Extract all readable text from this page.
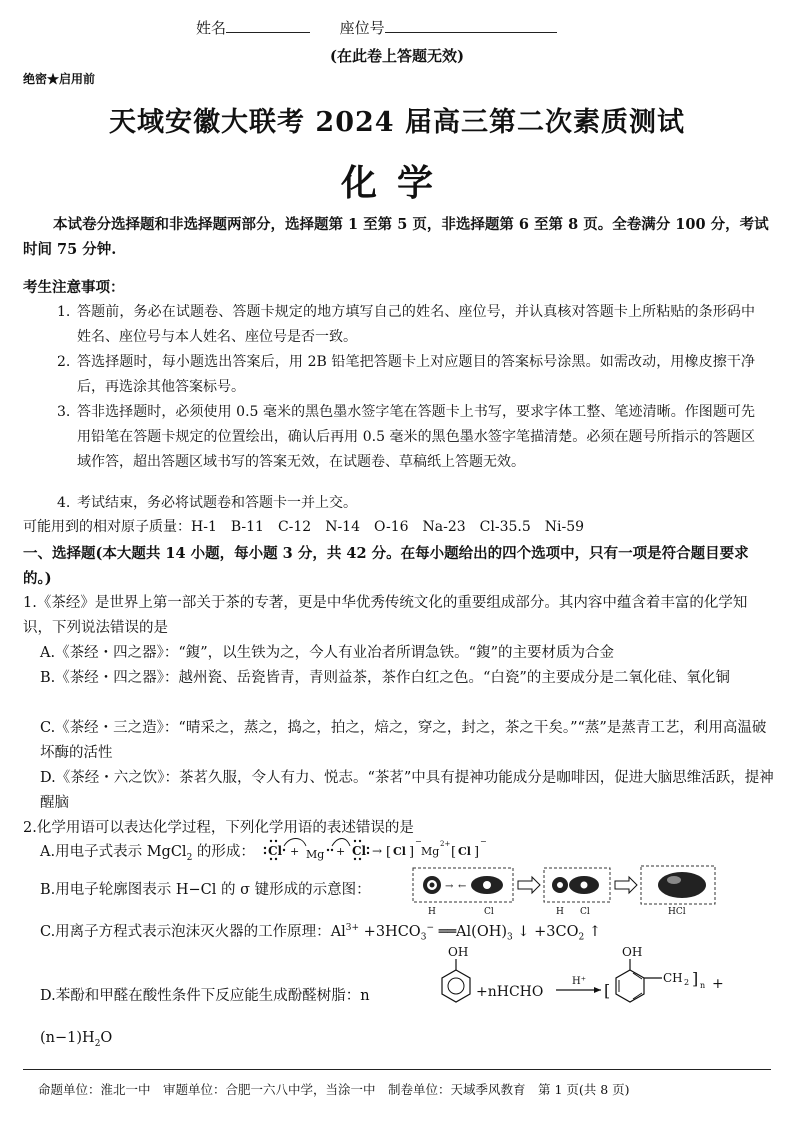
姓名	座位号
(在此卷上答题无效)
绝密★启用前
天域安徽大联考 2024 届高三第二次素质测试
化学
本试卷分选择题和非选择题两部分，选择题第 1 至第 5 页，非选择题第 6 至第 8 页。全卷满分 100 分，考试时间 75 分钟.
考生注意事项：
1. 答题前，务必在试题卷、答题卡规定的地方填写自己的姓名、座位号，并认真核对答题卡上所粘贴的条形码中姓名、座位号与本人姓名、座位号是否一致。
2. 答选择题时，每小题选出答案后，用 2B 铅笔把答题卡上对应题目的答案标号涂黑。如需改动，用橡皮擦干净后，再选涂其他答案标号。
3. 答非选择题时，必须使用 0.5 毫米的黑色墨水签字笔在答题卡上书写，要求字体工整、笔迹清晰。作图题可先用铅笔在答题卡规定的位置绘出，确认后再用 0.5 毫米的黑色墨水签字笔描清楚。必须在题号所指示的答题区域作答，超出答题区域书写的答案无效，在试题卷、草稿纸上答题无效。
4. 考试结束，务必将试题卷和答题卡一并上交。
可能用到的相对原子质量：H-1　B-11　C-12　N-14　O-16　Na-23　Cl-35.5　Ni-59
一、选择题(本大题共 14 小题，每小题 3 分，共 42 分。在每小题给出的四个选项中，只有一项是符合题目要求的。)
1.《茶经》是世界上第一部关于茶的专著，更是中华优秀传统文化的重要组成部分。其内容中蕴含着丰富的化学知识，下列说法错误的是
A.《茶经・四之器》：“鍑”，以生铁为之，今人有业冶者所谓急铁。“鍑”的主要材质为合金
B.《茶经・四之器》：越州瓷、岳瓷皆青，青则益茶，茶作白红之色。“白瓷”的主要成分是二氧化硅、氧化铜
C.《茶经・三之造》：“晴采之，蒸之，捣之，拍之，焙之，穿之，封之，茶之干矣。”“蒸”是蒸青工艺，利用高温破坏酶的活性
D.《茶经・六之饮》：茶茗久服，令人有力、悦志。“茶茗”中具有提神功能成分是咖啡因，促进大脑思维活跃，提神醒脑
2.化学用语可以表达化学过程，下列化学用语的表述错误的是
A.用电子式表示 MgCl$_2$ 的形成： Cl + Mg + Cl → [ Cl ]
−
Mg
2+
[ Cl ]
−
B.用电子轮廓图表示 H−Cl 的 σ 键形成的示意图：	→ ←
H	Cl	H Cl	HCl
C.用离子方程式表示泡沫灭火器的工作原理：$Al^{3+} +3HCO_3^-$ $══Al(OH)_3$ ↓ $+3CO_2$ ↑
D.苯酚和甲醛在酸性条件下反应能生成酚醛树脂：n
OH
+nHCHO
H⁺ [
OH
CH 2 ] n +
$(n-1)H_2O$
命题单位：淮北一中　审题单位：合肥一六八中学，当涂一中　制卷单位：天域季风教育　第 1 页(共 8 页)
